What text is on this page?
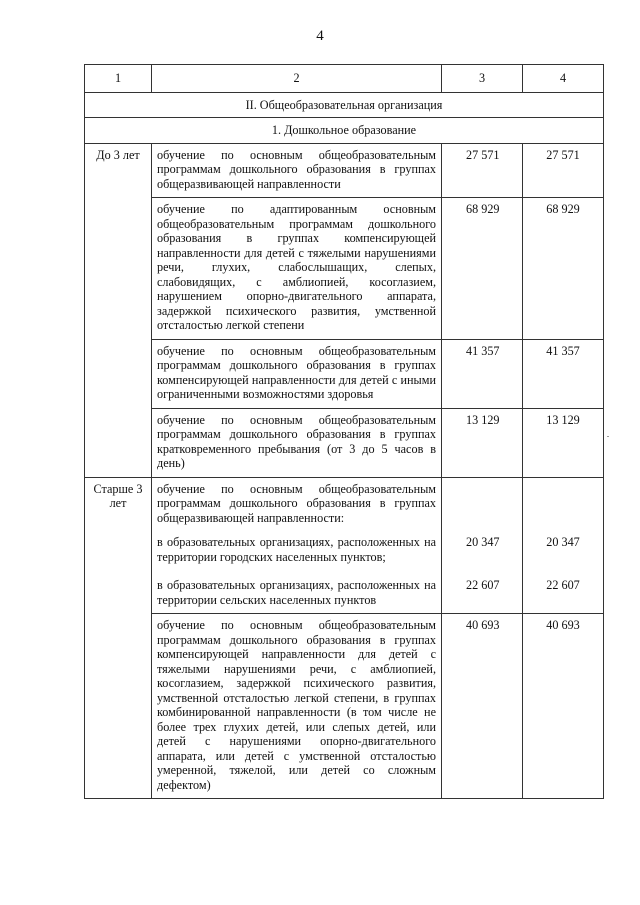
4
1	2	3	4
II. Общеобразовательная организация			
1. Дошкольное образование			
До 3 лет	обучение по основным общеобразовательным программам дошкольного образования в группах общеразвивающей направленности	27 571	27 571
	обучение по адаптированным основным общеобразовательным программам дошкольного образования в группах компенсирующей направленности для детей с тяжелыми нарушениями речи, глухих, слабослышащих, слепых, слабовидящих, с амблиопией, косоглазием, нарушением опорно-двигательного аппарата, задержкой психического развития, умственной отсталостью легкой степени	68 929	68 929
	обучение по основным общеобразовательным программам дошкольного образования в группах компенсирующей направленности для детей с иными ограниченными возможностями здоровья	41 357	41 357
	обучение по основным общеобразовательным программам дошкольного образования в группах кратковременного пребывания (от 3 до 5 часов в день)	13 129	13 129
Старше 3 лет	обучение по основным общеобразовательным программам дошкольного образования в группах общеразвивающей направленности:		
	в образовательных организациях, расположенных на территории городских населенных пунктов;	20 347	20 347
	в образовательных организациях, расположенных на территории сельских населенных пунктов	22 607	22 607
	обучение по основным общеобразовательным программам дошкольного образования в группах компенсирующей направленности для детей с тяжелыми нарушениями речи, с амблиопией, косоглазием, задержкой психического развития, умственной отсталостью легкой степени, в группах комбинированной направленности (в том числе не более трех глухих детей, или слепых детей, или детей с нарушениями опорно-двигательного аппарата, или детей с умственной отсталостью умеренной, тяжелой, или детей со сложным дефектом)	40 693	40 693
